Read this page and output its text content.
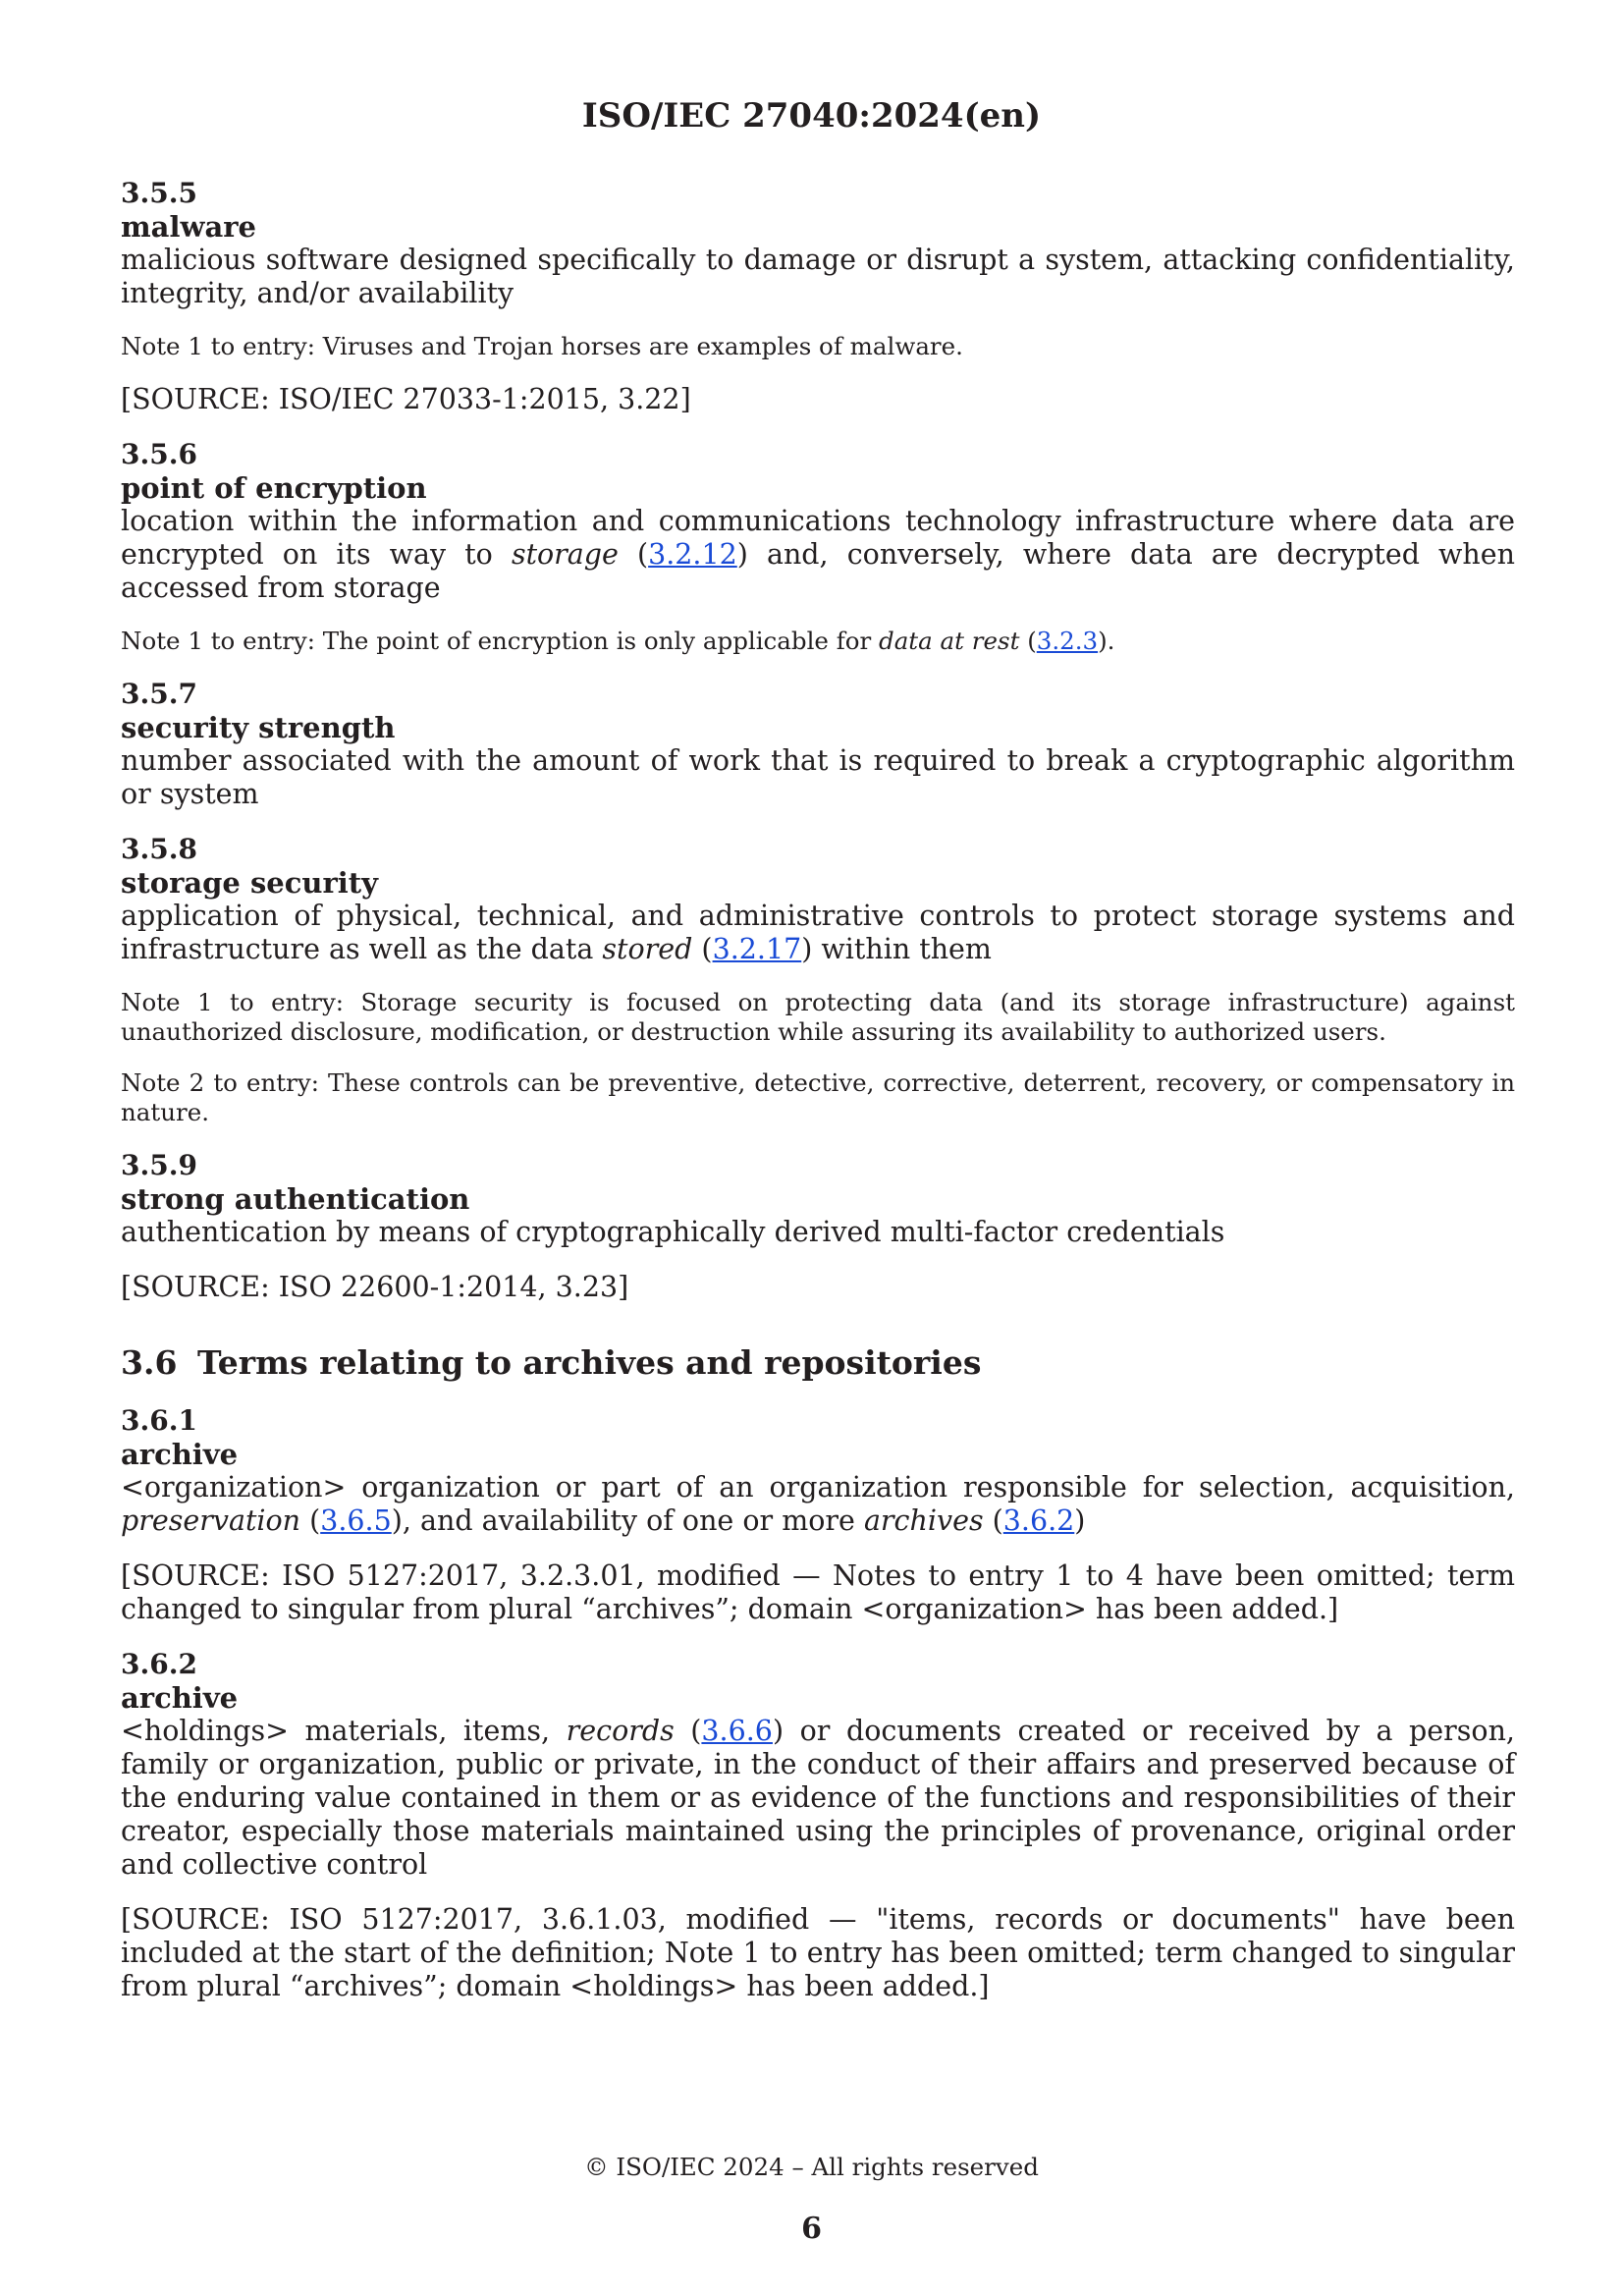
ISO/IEC 27040:2024(en)
3.5.5
malware
malicious software designed specifically to damage or disrupt a system, attacking confidentiality, integrity, and/or availability
Note 1 to entry: Viruses and Trojan horses are examples of malware.
[SOURCE: ISO/IEC 27033-1:2015, 3.22]
3.5.6
point of encryption
location within the information and communications technology infrastructure where data are encrypted on its way to storage (3.2.12) and, conversely, where data are decrypted when accessed from storage
Note 1 to entry: The point of encryption is only applicable for data at rest (3.2.3).
3.5.7
security strength
number associated with the amount of work that is required to break a cryptographic algorithm or system
3.5.8
storage security
application of physical, technical, and administrative controls to protect storage systems and infrastructure as well as the data stored (3.2.17) within them
Note 1 to entry: Storage security is focused on protecting data (and its storage infrastructure) against unauthorized disclosure, modification, or destruction while assuring its availability to authorized users.
Note 2 to entry: These controls can be preventive, detective, corrective, deterrent, recovery, or compensatory in nature.
3.5.9
strong authentication
authentication by means of cryptographically derived multi-factor credentials
[SOURCE: ISO 22600-1:2014, 3.23]
3.6 Terms relating to archives and repositories
3.6.1
archive
<organization> organization or part of an organization responsible for selection, acquisition, preservation (3.6.5), and availability of one or more archives (3.6.2)
[SOURCE: ISO 5127:2017, 3.2.3.01, modified — Notes to entry 1 to 4 have been omitted; term changed to singular from plural “archives”; domain <organization> has been added.]
3.6.2
archive
<holdings> materials, items, records (3.6.6) or documents created or received by a person, family or organization, public or private, in the conduct of their affairs and preserved because of the enduring value contained in them or as evidence of the functions and responsibilities of their creator, especially those materials maintained using the principles of provenance, original order and collective control
[SOURCE: ISO 5127:2017, 3.6.1.03, modified — "items, records or documents" have been included at the start of the definition; Note 1 to entry has been omitted; term changed to singular from plural “archives”; domain <holdings> has been added.]
© ISO/IEC 2024 – All rights reserved
6
